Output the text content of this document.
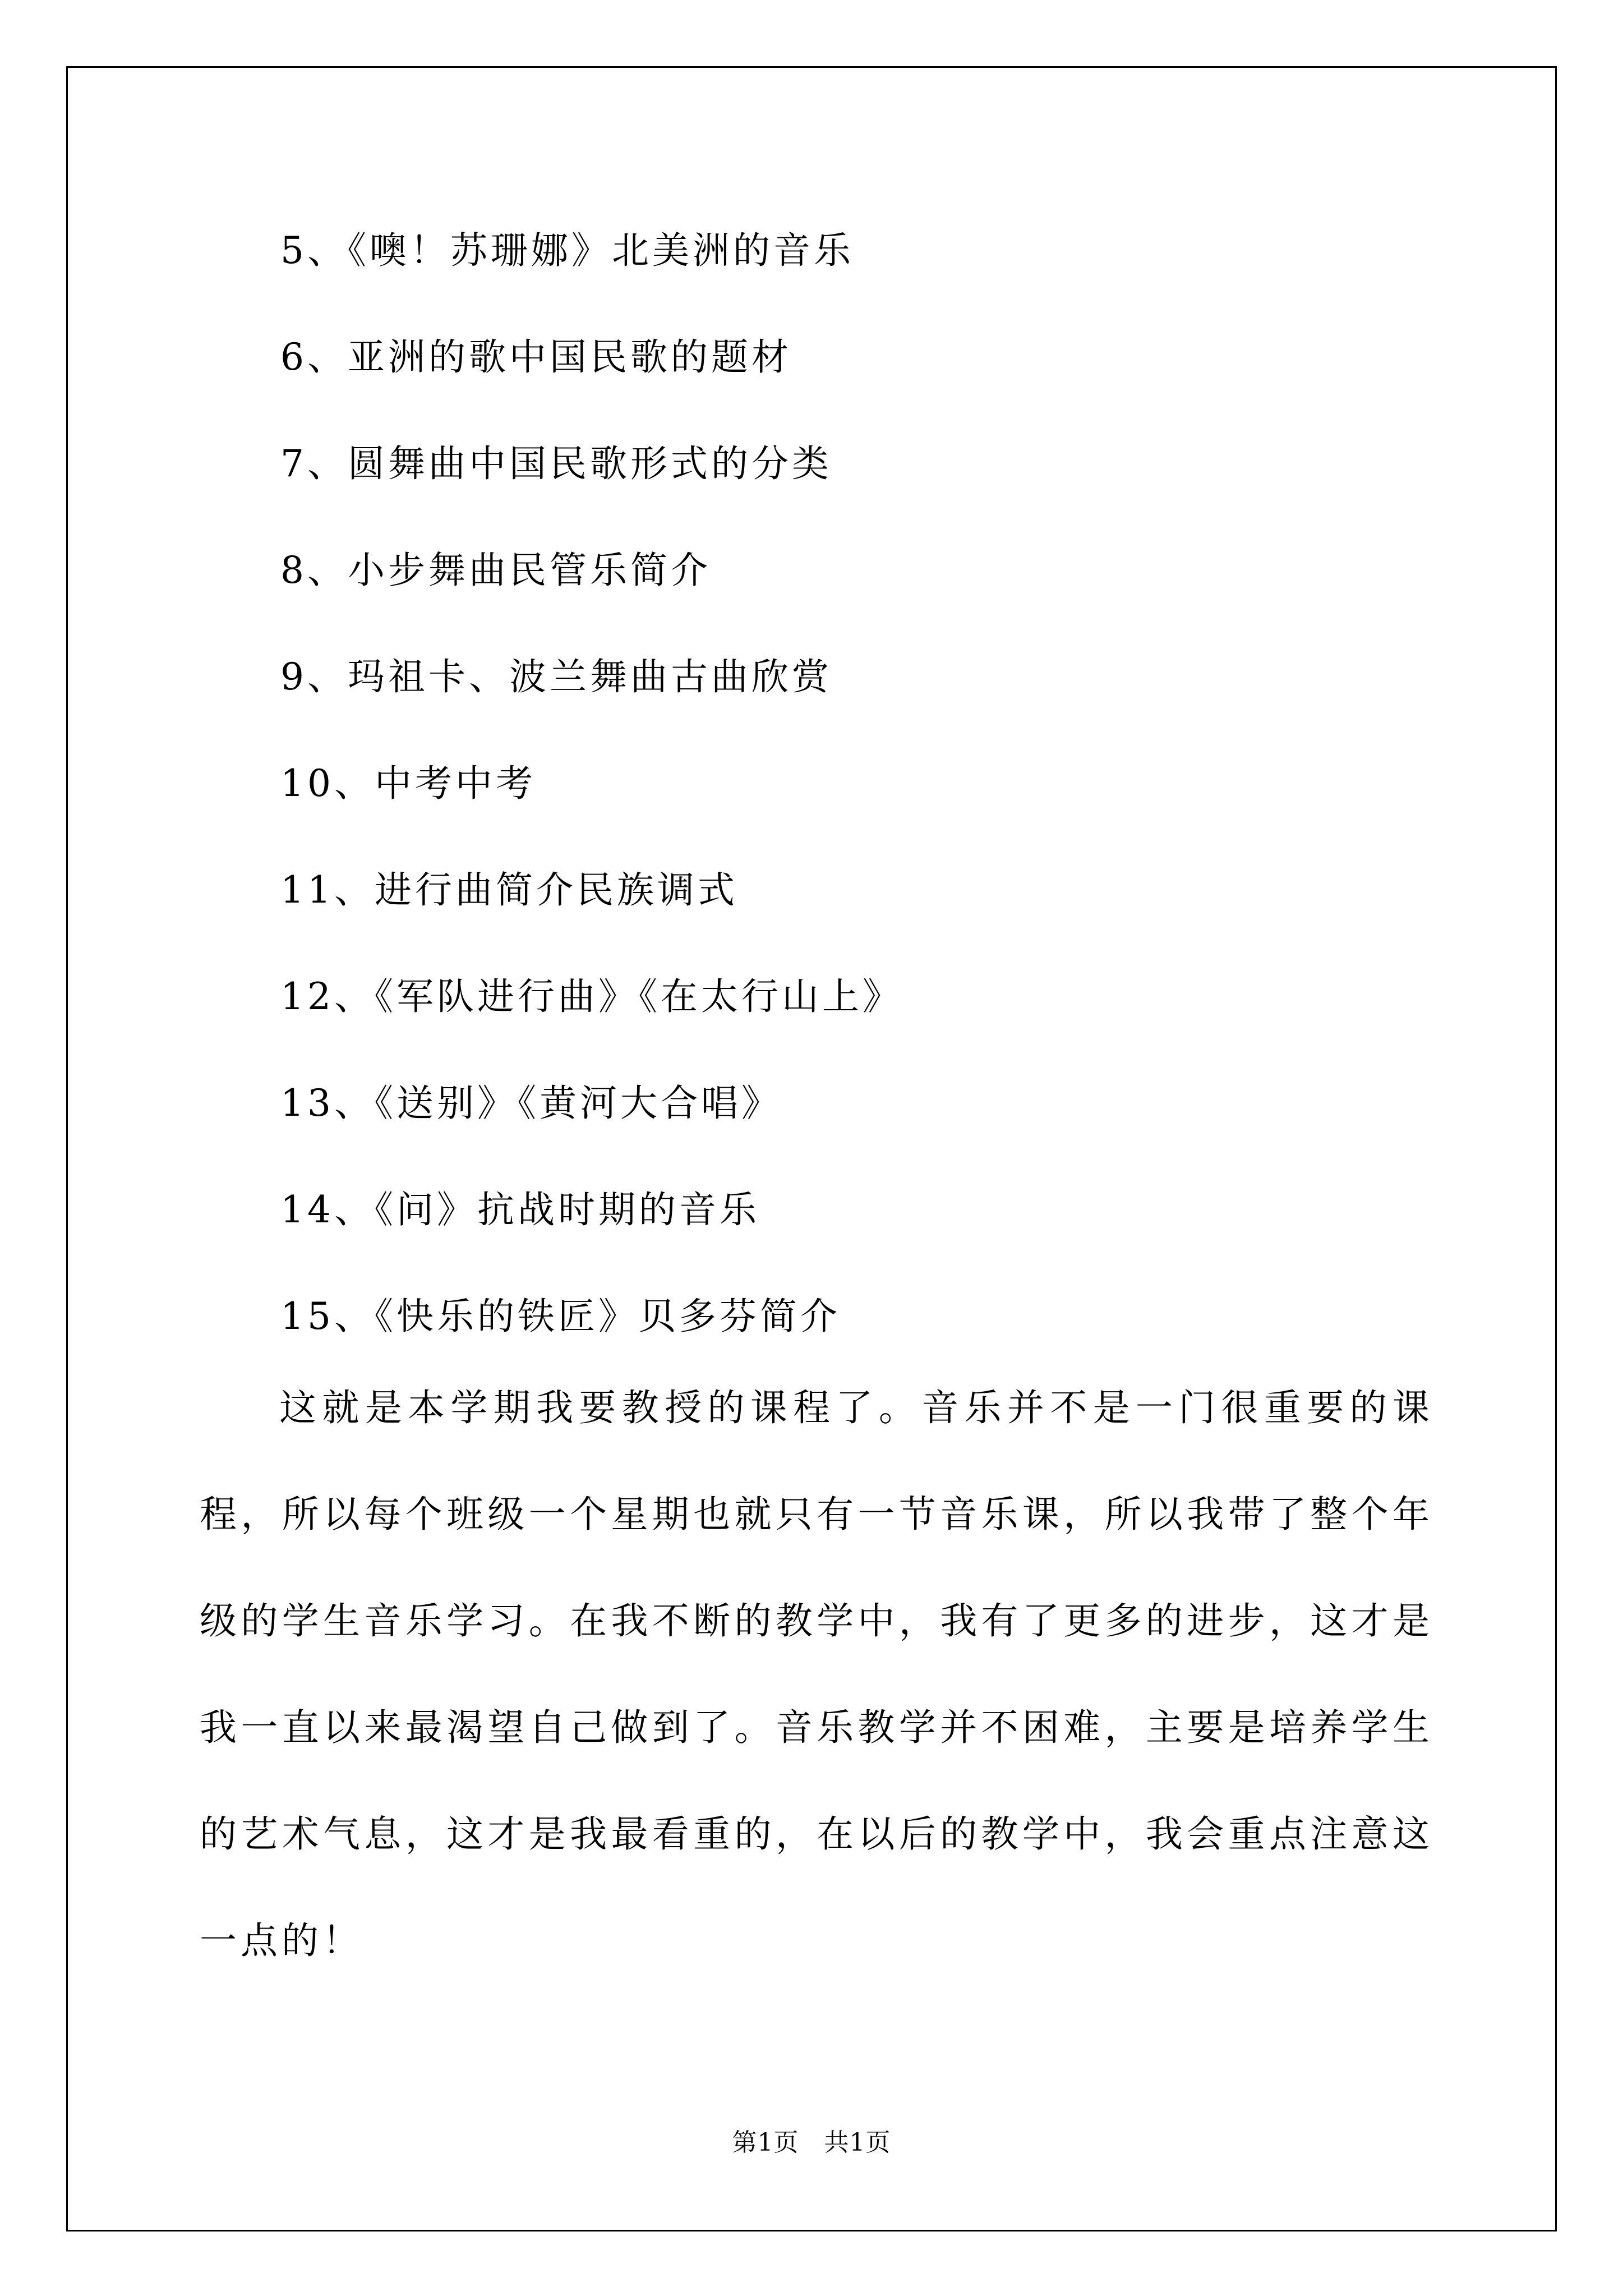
5、《噢！苏珊娜》北美洲的音乐
6、亚洲的歌中国民歌的题材
7、圆舞曲中国民歌形式的分类
8、小步舞曲民管乐简介
9、玛祖卡、波兰舞曲古曲欣赏
10、中考中考
11、进行曲简介民族调式
12、《军队进行曲》《在太行山上》
13、《送别》《黄河大合唱》
14、《问》抗战时期的音乐
15、《快乐的铁匠》贝多芬简介

这就是本学期我要教授的课程了。音乐并不是一门很重要的课程，所以每个班级一个星期也就只有一节音乐课，所以我带了整个年级的学生音乐学习。在我不断的教学中，我有了更多的进步，这才是我一直以来最渴望自己做到了。音乐教学并不困难，主要是培养学生的艺术气息，这才是我最看重的，在以后的教学中，我会重点注意这一点的！

第1页　共1页
